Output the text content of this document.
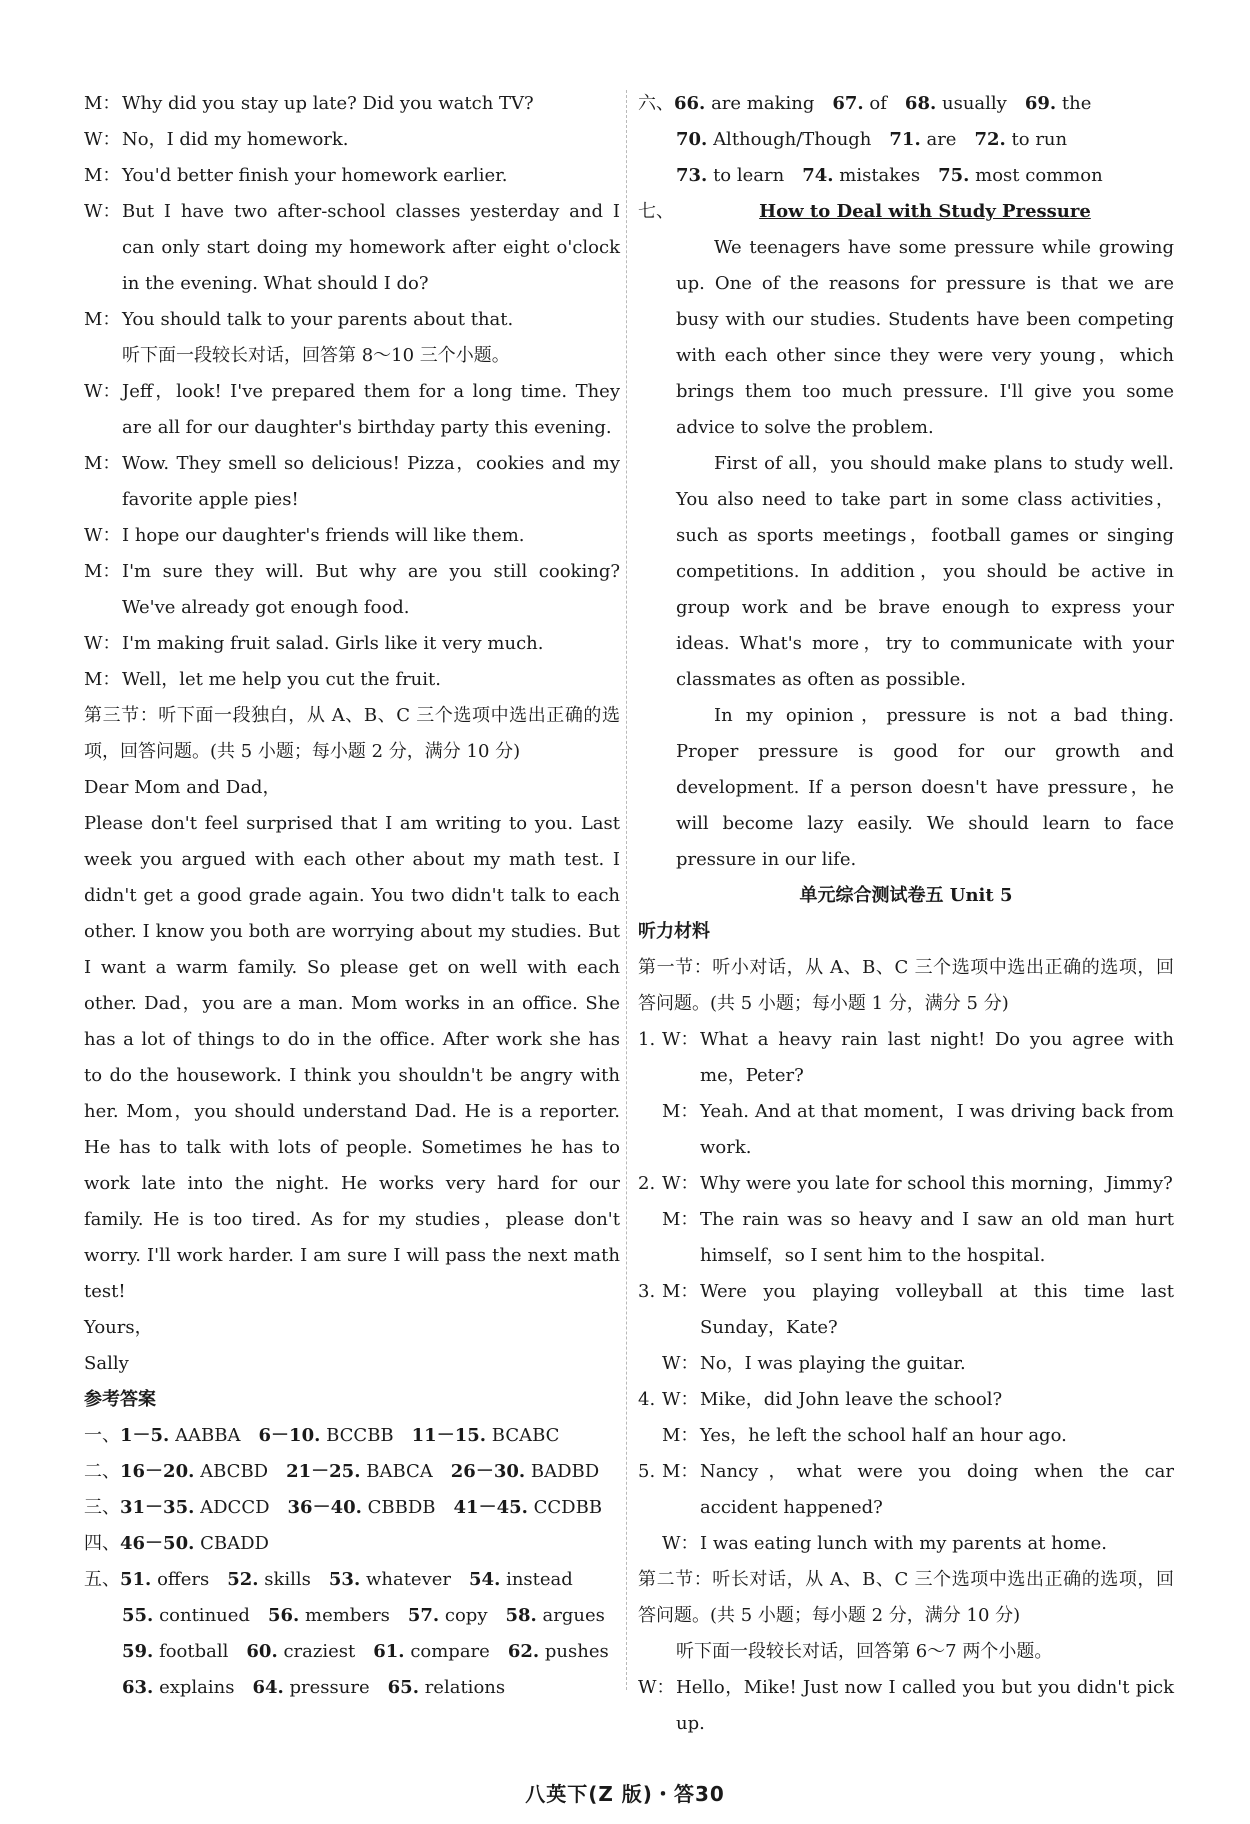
M： Why did you stay up late? Did you watch TV?
W： No，I did my homework.
M： You'd better finish your homework earlier.
W： But I have two after-school classes yesterday and I can only start doing my homework after eight o'clock in the evening. What should I do?
M： You should talk to your parents about that.

听下面一段较长对话，回答第 8～10 三个小题。

W： Jeff，look! I've prepared them for a long time. They are all for our daughter's birthday party this evening.
M： Wow. They smell so delicious! Pizza，cookies and my favorite apple pies!
W： I hope our daughter's friends will like them.
M： I'm sure they will. But why are you still cooking? We've already got enough food.
W： I'm making fruit salad. Girls like it very much.
M： Well，let me help you cut the fruit.

第三节：听下面一段独白，从 A、B、C 三个选项中选出正确的选项，回答问题。(共 5 小题；每小题 2 分，满分 10 分)

Dear Mom and Dad，

Please don't feel surprised that I am writing to you. Last week you argued with each other about my math test. I didn't get a good grade again. You two didn't talk to each other. I know you both are worrying about my studies. But I want a warm family. So please get on well with each other. Dad，you are a man. Mom works in an office. She has a lot of things to do in the office. After work she has to do the housework. I think you shouldn't be angry with her. Mom，you should understand Dad. He is a reporter. He has to talk with lots of people. Sometimes he has to work late into the night. He works very hard for our family. He is too tired. As for my studies，please don't worry. I'll work harder. I am sure I will pass the next math test!

Yours，

Sally

参考答案

一、1－5. AABBA  6－10. BCCBB  11－15. BCABC
二、16－20. ABCBD  21－25. BABCA  26－30. BADBD
三、31－35. ADCCD  36－40. CBBDB  41－45. CCDBB
四、46－50. CBADD
五、51. offers  52. skills  53. whatever  54. instead
55. continued  56. members  57. copy  58. argues
59. football  60. craziest  61. compare  62. pushes
63. explains  64. pressure  65. relations
六、66. are making  67. of  68. usually  69. the
70. Although/Though  71. are  72. to run
73. to learn  74. mistakes  75. most common
七、	How to Deal with Study Pressure

We teenagers have some pressure while growing up. One of the reasons for pressure is that we are busy with our studies. Students have been competing with each other since they were very young，which brings them too much pressure. I'll give you some advice to solve the problem.

First of all，you should make plans to study well. You also need to take part in some class activities，such as sports meetings，football games or singing competitions. In addition，you should be active in group work and be brave enough to express your ideas. What's more，try to communicate with your classmates as often as possible.

In my opinion，pressure is not a bad thing. Proper pressure is good for our growth and development. If a person doesn't have pressure，he will become lazy easily. We should learn to face pressure in our life.

单元综合测试卷五 Unit 5

听力材料

第一节：听小对话，从 A、B、C 三个选项中选出正确的选项，回答问题。(共 5 小题；每小题 1 分，满分 5 分)

1. W： What a heavy rain last night! Do you agree with me，Peter?
M： Yeah. And at that moment，I was driving back from work.
2. W： Why were you late for school this morning，Jimmy?
M： The rain was so heavy and I saw an old man hurt himself，so I sent him to the hospital.
3. M： Were you playing volleyball at this time last Sunday，Kate?
W： No，I was playing the guitar.
4. W： Mike，did John leave the school?
M： Yes，he left the school half an hour ago.
5. M： Nancy，what were you doing when the car accident happened?
W： I was eating lunch with my parents at home.

第二节：听长对话，从 A、B、C 三个选项中选出正确的选项，回答问题。(共 5 小题；每小题 2 分，满分 10 分)

听下面一段较长对话，回答第 6～7 两个小题。

W： Hello，Mike! Just now I called you but you didn't pick up.
八英下(Z 版)・答30
